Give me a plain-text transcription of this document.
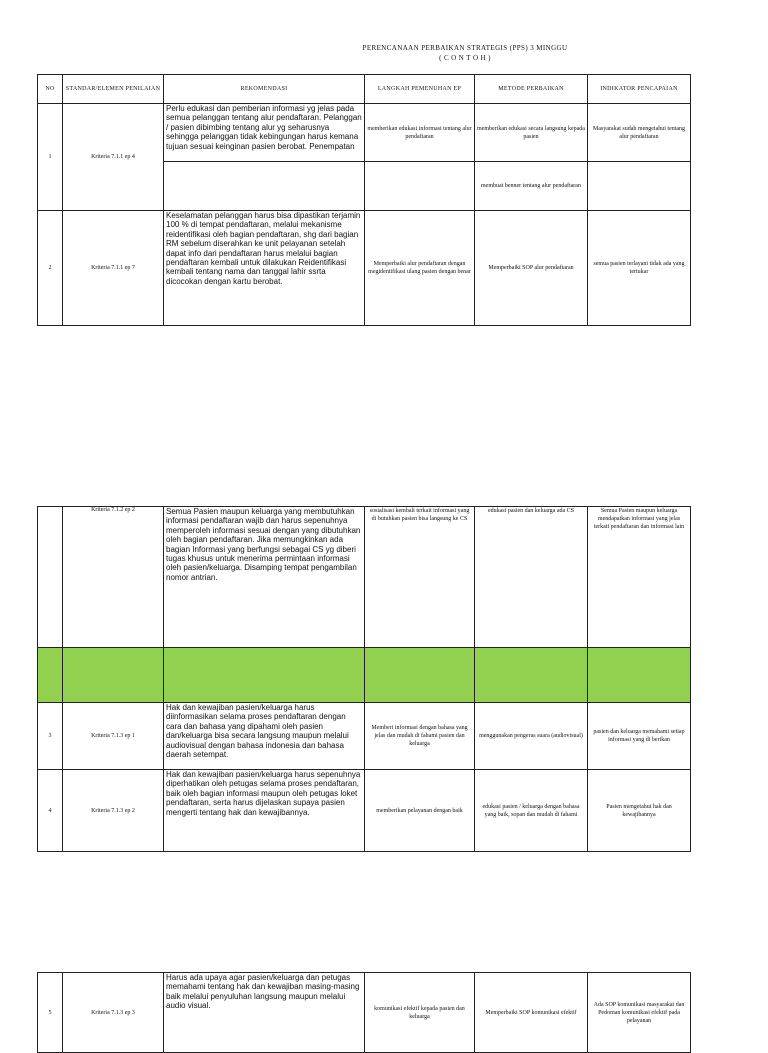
PERENCANAAN PERBAIKAN STRATEGIS (PPS) 3 MINGGU
( C O N T O H )
NO	STANDAR/ELEMEN PENILAIAN	REKOMENDASI	LANGKAH PEMENUHAN EP	METODE PERBAIKAN	INDIKATOR PENCAPAIAN
1	Kriteria 7.1.1 ep 4	Perlu edukasi dan pemberian informasi yg jelas pada semua pelanggan tentang alur pendaftaran. Pelanggan / pasien dibimbing tentang alur yg seharusnya sehingga pelanggan tidak kebingungan harus kemana tujuan sesuai keinginan pasien berobat. Penempatan	memberikan edukasi informasi tentang alur pendaftaran	memberikan edukasi secara langsung kepada pasien	Masyarakat sudah mengetahui tentang alur pendaftaran
				membuat benner tentang alur pendaftaran	
2	Kriteria 7.1.1 ep 7	Keselamatan pelanggan harus bisa dipastikan terjamin 100 % di tempat pendaftaran, melalui mekanisme reidentifikasi oleh bagian pendaftaran, shg dari bagian RM sebelum diserahkan ke unit pelayanan setelah dapat info dari pendaftaran harus melalui bagian pendaftaran kembali untuk dilakukan Reidentifikasi kembali tentang nama dan tanggal lahir ssrta dicocokan dengan kartu berobat.	Memperbaiki alur pendaftaran dengan megidentifikasi ulang pasien dengan benar	Memperbaiki SOP alur pendaftaran	semua pasien terlayani tidak ada yang tertukar
	Kriteria 7.1.2 ep 2	Semua Pasien maupun keluarga yang membutuhkan informasi pendaftaran wajib dan harus sepenuhnya memperoleh informasi sesuai dengan yang dibutuhkan oleh bagian pendaftaran. Jika memungkinkan ada bagian Informasi yang berfungsi sebagai CS yg diberi tugas khusus untuk menerima permintaan informasi oleh pasien/keluarga. Disamping tempat pengambilan nomor antrian.	sosialisasi kembali terkait informasi yang di butuhkan pasien bisa langsung ke CS	edukasi pasien dan keluarga ada CS	Semua Pasien maupun keluarga mendapatkan informasi yang jelas terkait pendaftaran dan informasi lain

3	Kriteria 7.1.3 ep 1	Hak dan kewajiban pasien/keluarga harus diinformasikan selama proses pendaftaran dengan cara dan bahasa yang dipahami oleh pasien dan/keluarga bisa secara langsung maupun melalui audiovisual dengan bahasa indonesia dan bahasa daerah setempat.	Memberi informasi dengan bahasa yang jelas dan mudah di fahami pasien dan keluarga	menggunakan pengeras suara (audiovisual)	pasien dan keluarga memahami setiap informasi yang di berikan
4	Kriteria 7.1.3 ep 2	Hak dan kewajiban pasien/keluarga harus sepenuhnya diperhatikan oleh petugas selama proses pendaftaran, baik oleh bagian informasi maupun oleh petugas loket pendaftaran, serta harus dijelaskan supaya pasien mengerti tentang hak dan kewajibannya.	memberikan pelayanan dengan baik	edukasi pasien / keluarga dengan bahasa yang baik, sopan dan mudah di fahami	Pasien mengetahui hak dan kewajibannya
5	Kriteria 7.1.3 ep 3	Harus ada upaya agar pasien/keluarga dan petugas memahami tentang hak dan kewajiban masing-masing baik melalui penyuluhan langsung maupun melalui audio visual.	komunikasi efektif kepada pasien dan keluarga	Memperbaiki SOP komunikasi efektif	Ada SOP komunikasi masyarakat dan Pedoman komunikasi efektif pada pelayanan
